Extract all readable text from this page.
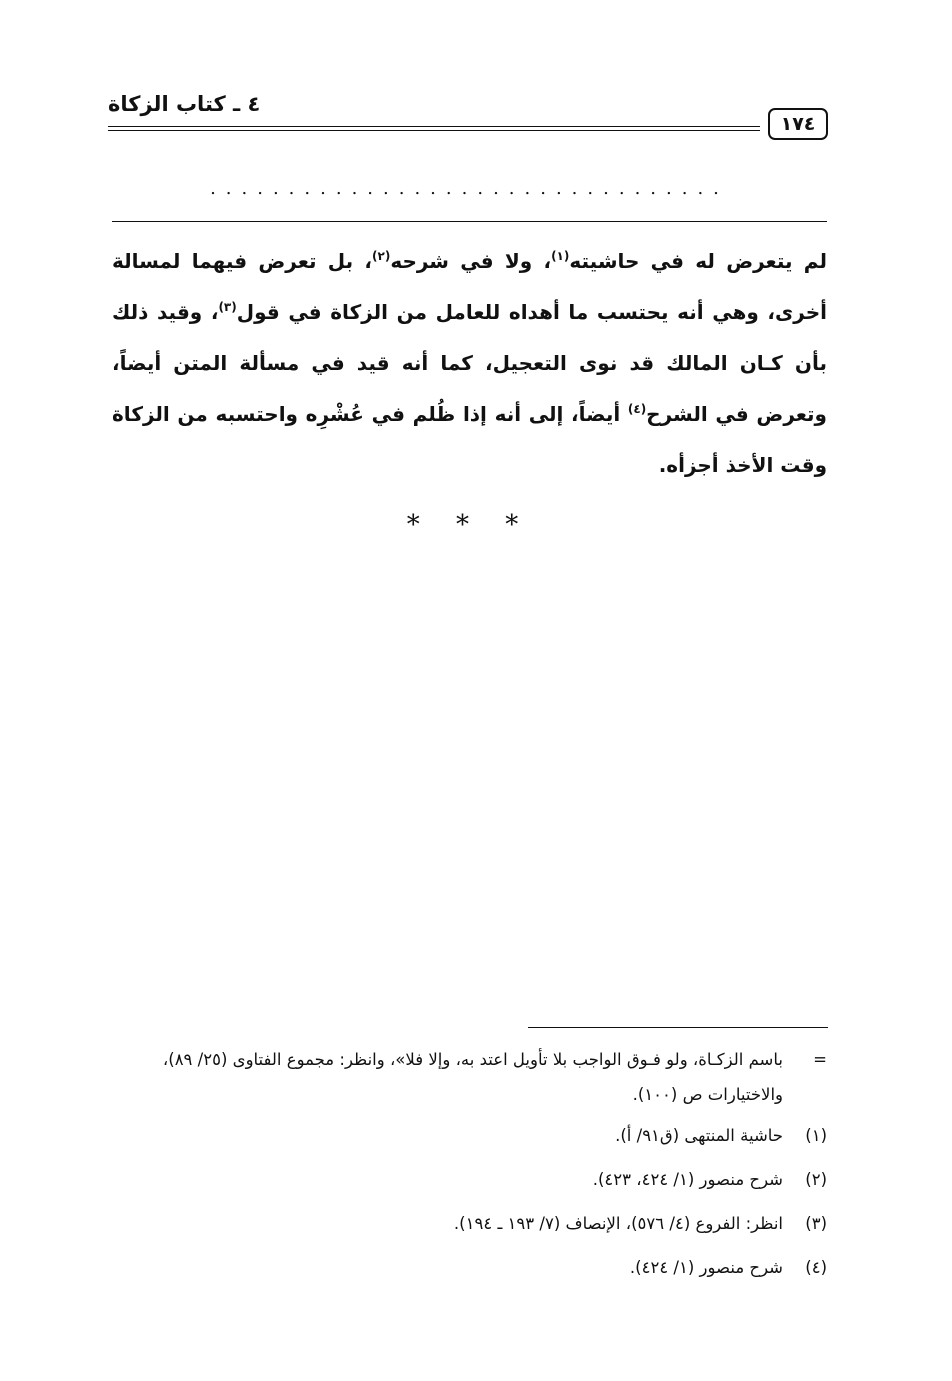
٤ ـ كتاب الزكاة
١٧٤
.................................

لم يتعرض له في حاشيته$^{(١)}$، ولا في شرحه$^{(٢)}$، بل تعرض فيهما لمسالة أخرى، وهي أنه يحتسب ما أهداه للعامل من الزكاة في قول$^{(٣)}$، وقيد ذلك بأن كـان المالك قد نوى التعجيل، كما أنه قيد في مسألة المتن أيضاً، وتعرض في الشرح$^{(٤)}$ أيضاً، إلى أنه إذا ظُلم في عُشْرِه واحتسبه من الزكاة وقت الأخذ أجزأه.

* * *
=
باسم الزكـاة، ولو فـوق الواجب بلا تأويل اعتد به، وإلا فلا»، وانظر: مجموع الفتاوى (٢٥/ ٨٩)، والاختيارات ص (١٠٠).
(١)
حاشية المنتهى (ق٩١/ أ).
(٢)
شرح منصور (١/ ٤٢٤، ٤٢٣).
(٣)
انظر: الفروع (٤/ ٥٧٦)، الإنصاف (٧/ ١٩٣ ـ ١٩٤).
(٤)
شرح منصور (١/ ٤٢٤).
